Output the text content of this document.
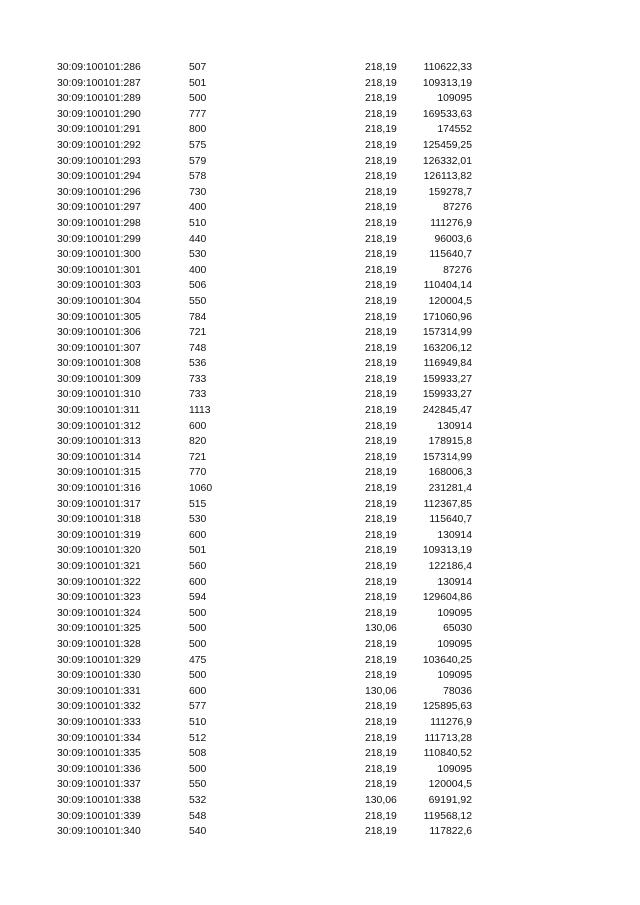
30:09:100101:286	507	218,19	110622,33
30:09:100101:287	501	218,19	109313,19
30:09:100101:289	500	218,19	109095
30:09:100101:290	777	218,19	169533,63
30:09:100101:291	800	218,19	174552
30:09:100101:292	575	218,19	125459,25
30:09:100101:293	579	218,19	126332,01
30:09:100101:294	578	218,19	126113,82
30:09:100101:296	730	218,19	159278,7
30:09:100101:297	400	218,19	87276
30:09:100101:298	510	218,19	111276,9
30:09:100101:299	440	218,19	96003,6
30:09:100101:300	530	218,19	115640,7
30:09:100101:301	400	218,19	87276
30:09:100101:303	506	218,19	110404,14
30:09:100101:304	550	218,19	120004,5
30:09:100101:305	784	218,19	171060,96
30:09:100101:306	721	218,19	157314,99
30:09:100101:307	748	218,19	163206,12
30:09:100101:308	536	218,19	116949,84
30:09:100101:309	733	218,19	159933,27
30:09:100101:310	733	218,19	159933,27
30:09:100101:311	1113	218,19	242845,47
30:09:100101:312	600	218,19	130914
30:09:100101:313	820	218,19	178915,8
30:09:100101:314	721	218,19	157314,99
30:09:100101:315	770	218,19	168006,3
30:09:100101:316	1060	218,19	231281,4
30:09:100101:317	515	218,19	112367,85
30:09:100101:318	530	218,19	115640,7
30:09:100101:319	600	218,19	130914
30:09:100101:320	501	218,19	109313,19
30:09:100101:321	560	218,19	122186,4
30:09:100101:322	600	218,19	130914
30:09:100101:323	594	218,19	129604,86
30:09:100101:324	500	218,19	109095
30:09:100101:325	500	130,06	65030
30:09:100101:328	500	218,19	109095
30:09:100101:329	475	218,19	103640,25
30:09:100101:330	500	218,19	109095
30:09:100101:331	600	130,06	78036
30:09:100101:332	577	218,19	125895,63
30:09:100101:333	510	218,19	111276,9
30:09:100101:334	512	218,19	111713,28
30:09:100101:335	508	218,19	110840,52
30:09:100101:336	500	218,19	109095
30:09:100101:337	550	218,19	120004,5
30:09:100101:338	532	130,06	69191,92
30:09:100101:339	548	218,19	119568,12
30:09:100101:340	540	218,19	117822,6
